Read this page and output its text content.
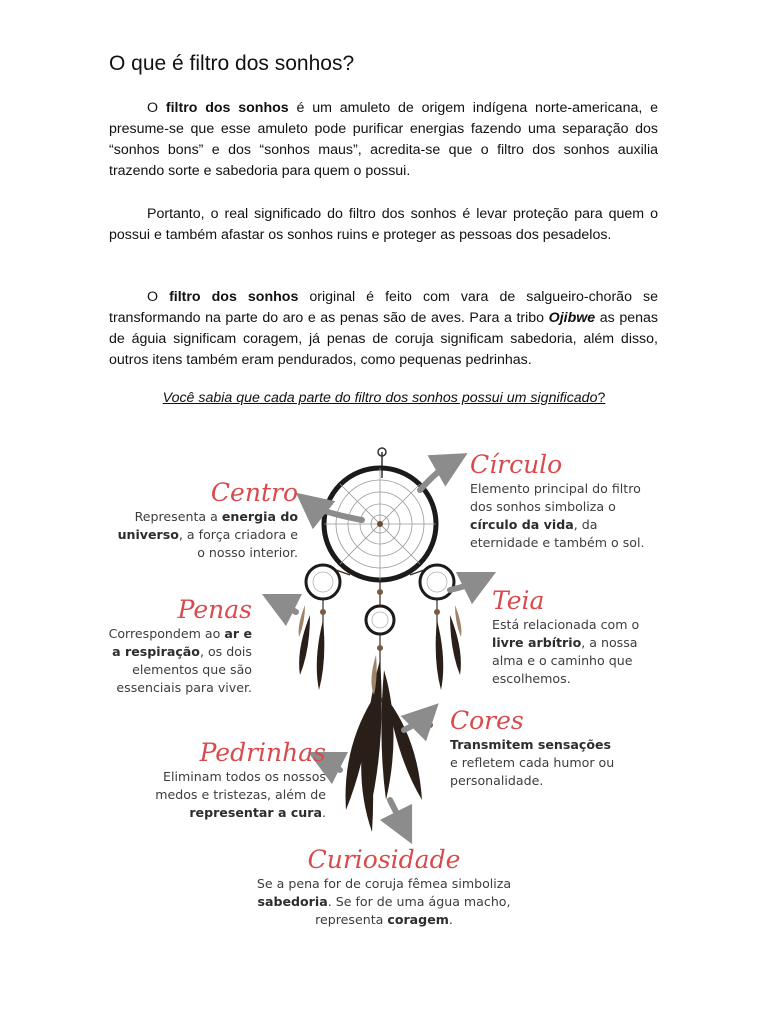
O que é filtro dos sonhos?

O filtro dos sonhos é um amuleto de origem indígena norte-americana, e presume-se que esse amuleto pode purificar energias fazendo uma separação dos “sonhos bons” e dos “sonhos maus”, acredita-se que o filtro dos sonhos auxilia trazendo sorte e sabedoria para quem o possui.

Portanto, o real significado do filtro dos sonhos é levar proteção para quem o possui e também afastar os sonhos ruins e proteger as pessoas dos pesadelos.

O filtro dos sonhos original é feito com vara de salgueiro-chorão se transformando na parte do aro e as penas são de aves. Para a tribo Ojibwe as penas de águia significam coragem, já penas de coruja significam sabedoria, além disso, outros itens também eram pendurados, como pequenas pedrinhas.

Você sabia que cada parte do filtro dos sonhos possui um significado?
Centro
Representa a energia do universo, a força criadora e o nosso interior.
Círculo
Elemento principal do filtro dos sonhos simboliza o círculo da vida, da eternidade e também o sol.
Penas
Correspondem ao ar e a respiração, os dois elementos que são essenciais para viver.
Teia
Está relacionada com o livre arbítrio, a nossa alma e o caminho que escolhemos.
Pedrinhas
Eliminam todos os nossos medos e tristezas, além de representar a cura.
Cores
Transmitem sensações e refletem cada humor ou personalidade.
Curiosidade
Se a pena for de coruja fêmea simboliza sabedoria. Se for de uma água macho, representa coragem.
